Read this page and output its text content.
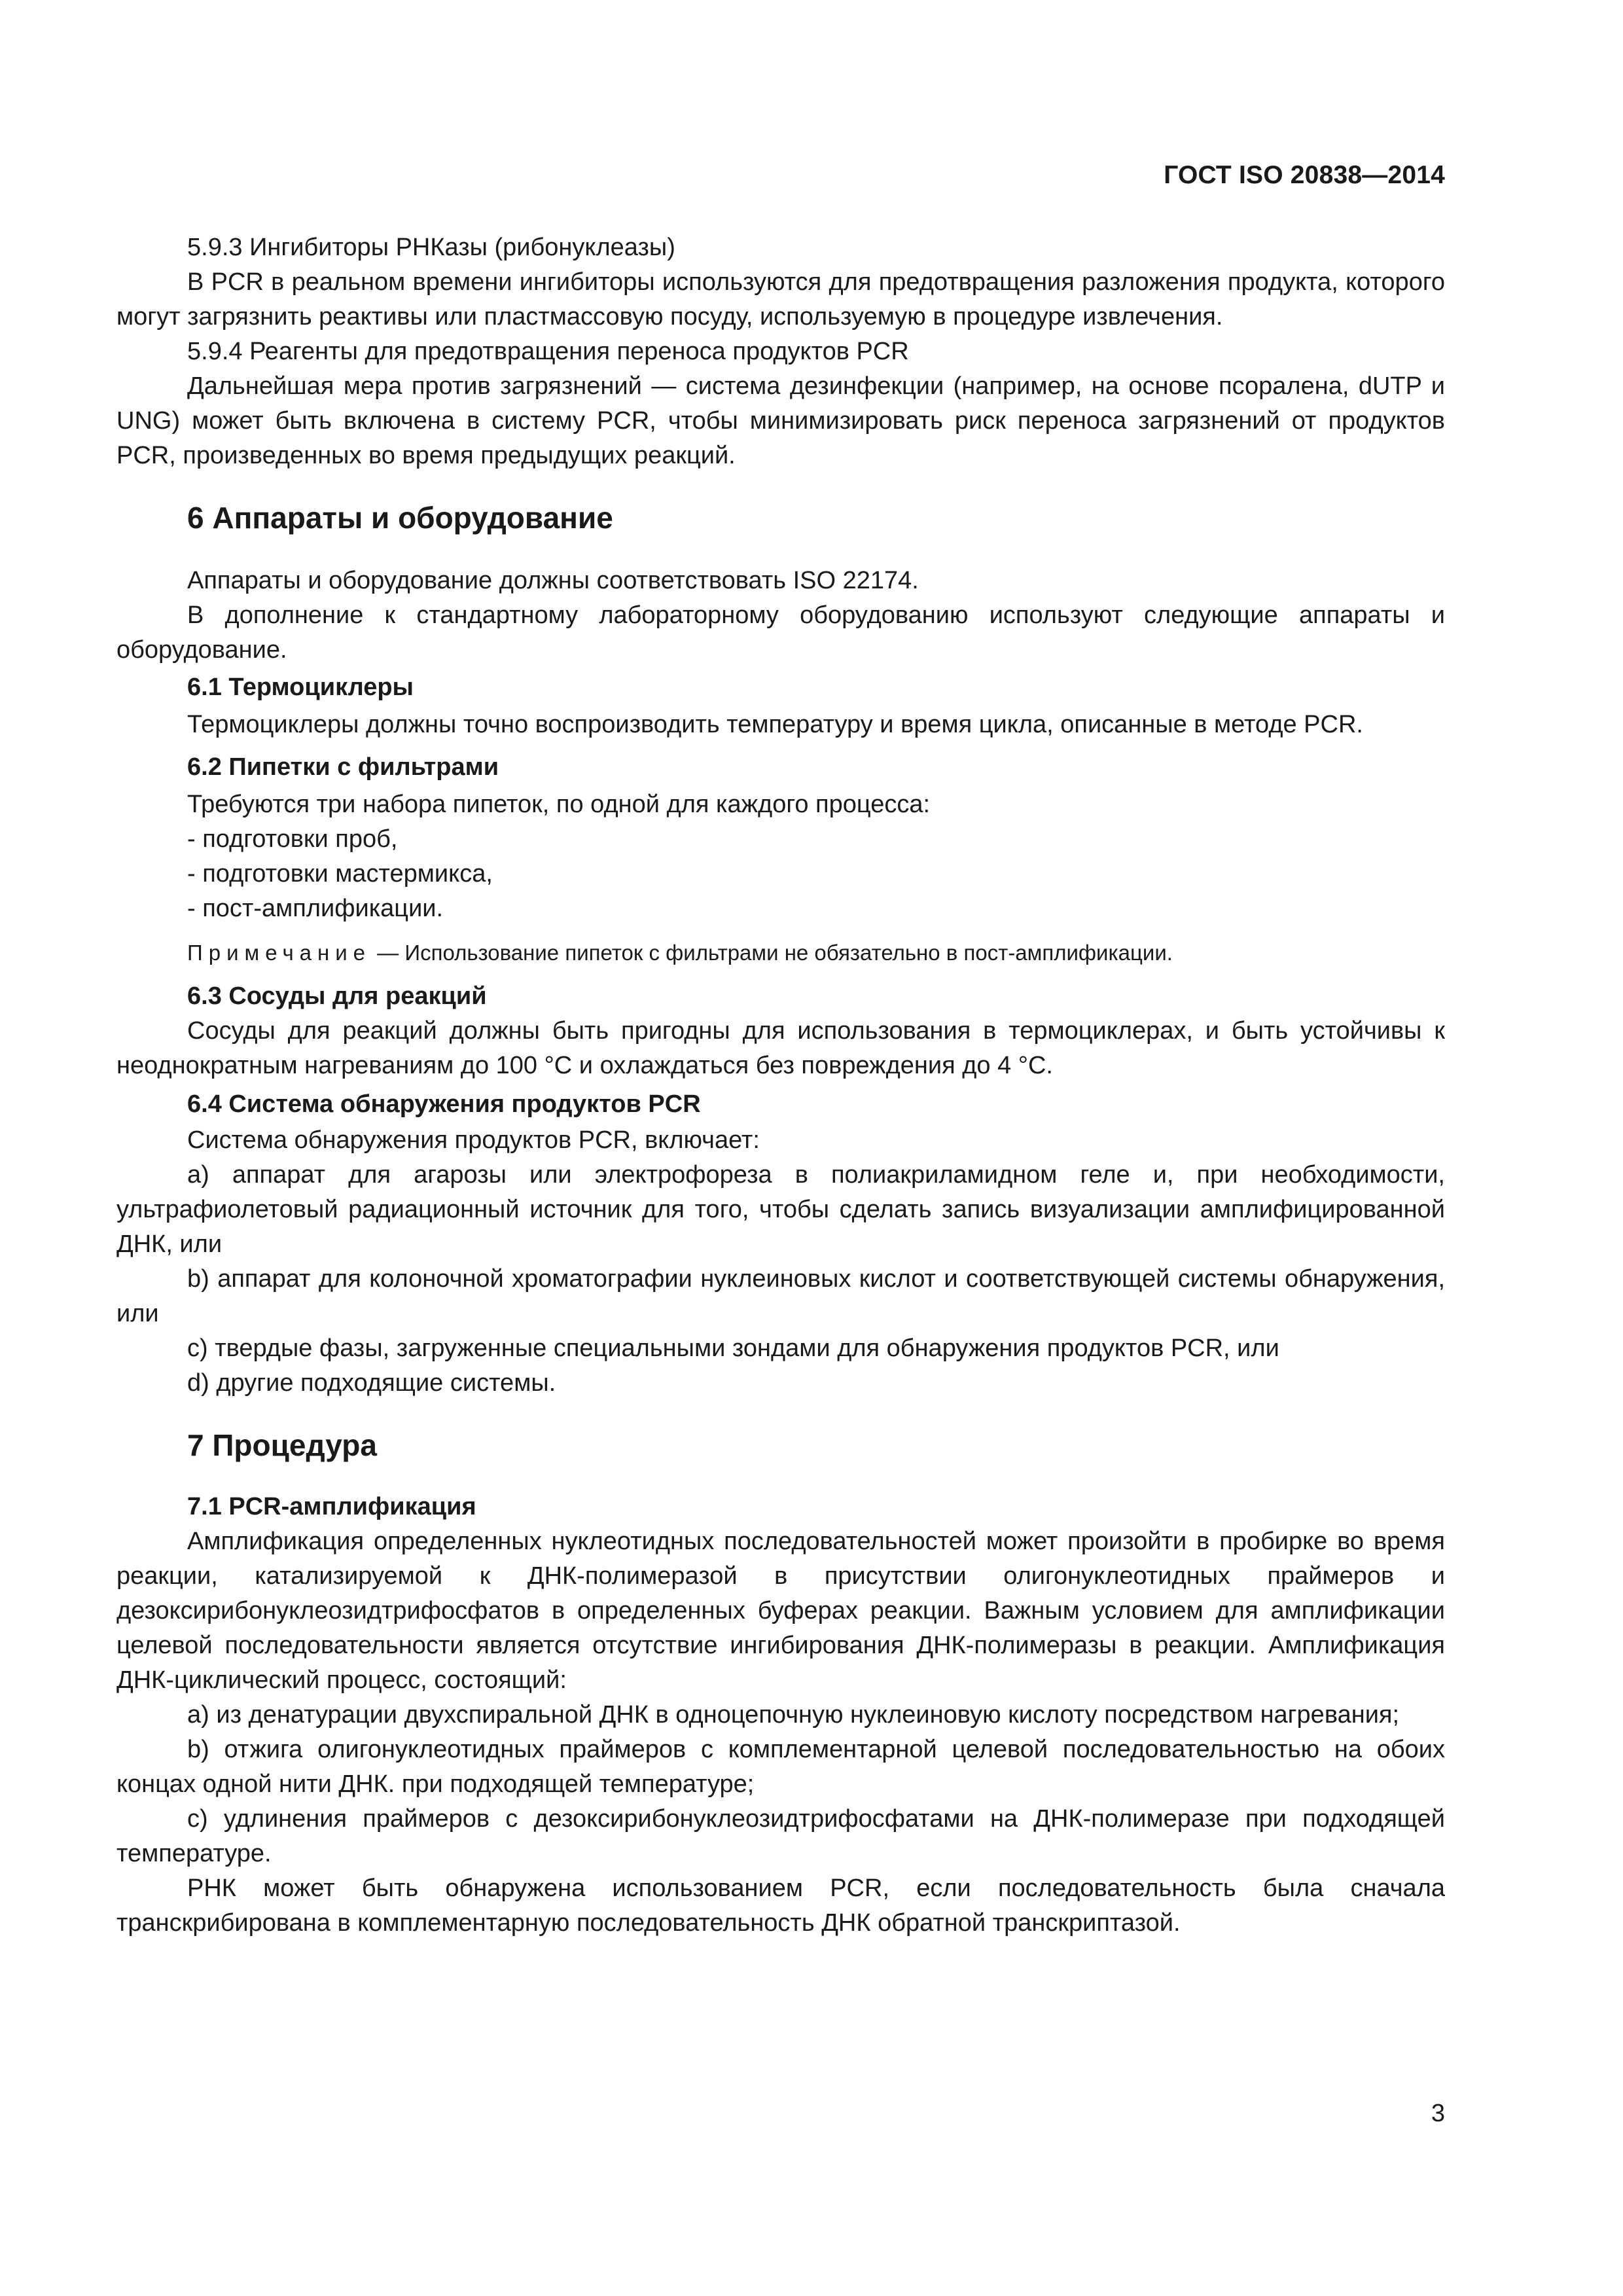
ГОСТ ISO 20838—2014

5.9.3 Ингибиторы РНКазы (рибонуклеазы)

В PCR в реальном времени ингибиторы используются для предотвращения разложения продукта, которого могут загрязнить реактивы или пластмассовую посуду, используемую в процедуре извлечения.

5.9.4 Реагенты для предотвращения переноса продуктов PCR

Дальнейшая мера против загрязнений — система дезинфекции (например, на основе псоралена, dUTP и UNG) может быть включена в систему PCR, чтобы минимизировать риск переноса загрязнений от продуктов PCR, произведенных во время предыдущих реакций.

6 Аппараты и оборудование

Аппараты и оборудование должны соответствовать ISO 22174.

В дополнение к стандартному лабораторному оборудованию используют следующие аппараты и оборудование.

6.1 Термоциклеры

Термоциклеры должны точно воспроизводить температуру и время цикла, описанные в методе PCR.

6.2 Пипетки с фильтрами

Требуются три набора пипеток, по одной для каждого процесса:

- подготовки проб,

- подготовки мастермикса,

- пост-амплификации.

Примечание — Использование пипеток с фильтрами не обязательно в пост-амплификации.

6.3 Сосуды для реакций

Сосуды для реакций должны быть пригодны для использования в термоциклерах, и быть устойчивы к неоднократным нагреваниям до 100 °С и охлаждаться без повреждения до 4 °С.

6.4 Система обнаружения продуктов PCR

Система обнаружения продуктов PCR, включает:

a) аппарат для агарозы или электрофореза в полиакриламидном геле и, при необходимости, ультрафиолетовый радиационный источник для того, чтобы сделать запись визуализации амплифицированной ДНК, или

b) аппарат для колоночной хроматографии нуклеиновых кислот и соответствующей системы обнаружения, или

c) твердые фазы, загруженные специальными зондами для обнаружения продуктов PCR, или

d) другие подходящие системы.

7 Процедура

7.1 PCR-амплификация

Амплификация определенных нуклеотидных последовательностей может произойти в пробирке во время реакции, катализируемой к ДНК-полимеразой в присутствии олигонуклеотидных праймеров и дезоксирибонуклеозидтрифосфатов в определенных буферах реакции. Важным условием для амплификации целевой последовательности является отсутствие ингибирования ДНК-полимеразы в реакции. Амплификация ДНК-циклический процесс, состоящий:

a) из денатурации двухспиральной ДНК в одноцепочную нуклеиновую кислоту посредством нагревания;

b) отжига олигонуклеотидных праймеров с комплементарной целевой последовательностью на обоих концах одной нити ДНК. при подходящей температуре;

c) удлинения праймеров с дезоксирибонуклеозидтрифосфатами на ДНК-полимеразе при подходящей температуре.

РНК может быть обнаружена использованием PCR, если последовательность была сначала транскрибирована в комплементарную последовательность ДНК обратной транскриптазой.

3
